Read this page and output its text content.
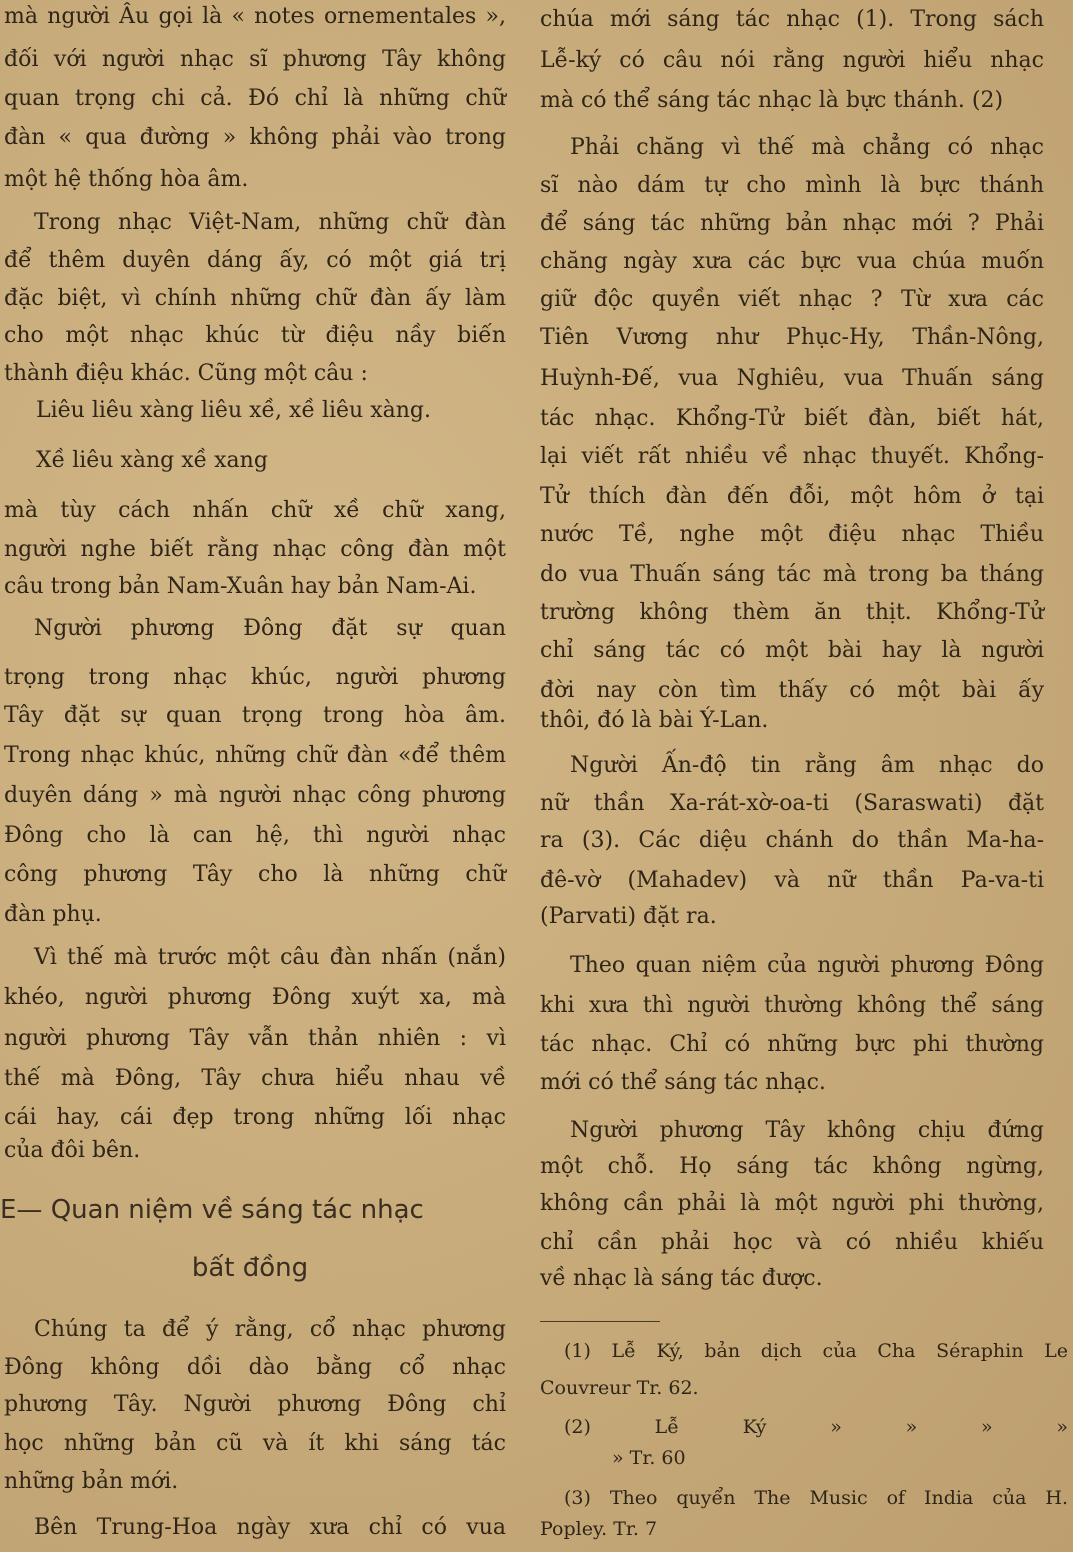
mà người Âu gọi là « notes ornementales »,
đối với người nhạc sĩ phương Tây không
quan trọng chi cả. Đó chỉ là những chữ
đàn « qua đường » không phải vào trong
một hệ thống hòa âm.
Trong nhạc Việt-Nam, những chữ đàn
để thêm duyên dáng ấy, có một giá trị
đặc biệt, vì chính những chữ đàn ấy làm
cho một nhạc khúc từ điệu nầy biến
thành điệu khác. Cũng một câu :
Liêu liêu xàng liêu xề, xề liêu xàng.
Xề liêu xàng xề xang
mà tùy cách nhấn chữ xề chữ xang,
người nghe biết rằng nhạc công đàn một
câu trong bản Nam-Xuân hay bản Nam-Ai.
Người phương Đông đặt sự quan
trọng trong nhạc khúc, người phương
Tây đặt sự quan trọng trong hòa âm.
Trong nhạc khúc, những chữ đàn «để thêm
duyên dáng » mà người nhạc công phương
Đông cho là can hệ, thì người nhạc
công phương Tây cho là những chữ
đàn phụ.
Vì thế mà trước một câu đàn nhấn (nắn)
khéo, người phương Đông xuýt xa, mà
người phương Tây vẫn thản nhiên : vì
thế mà Đông, Tây chưa hiểu nhau về
cái hay, cái đẹp trong những lối nhạc
của đôi bên.
Chúng ta để ý rằng, cổ nhạc phương
Đông không dồi dào bằng cổ nhạc
phương Tây. Người phương Đông chỉ
học những bản cũ và ít khi sáng tác
những bản mới.
Bên Trung-Hoa ngày xưa chỉ có vua
E— Quan niệm về sáng tác nhạc
bất đồng
chúa mới sáng tác nhạc (1). Trong sách
Lễ-ký có câu nói rằng người hiểu nhạc
mà có thể sáng tác nhạc là bực thánh. (2)
Phải chăng vì thế mà chẳng có nhạc
sĩ nào dám tự cho mình là bực thánh
để sáng tác những bản nhạc mới ? Phải
chăng ngày xưa các bực vua chúa muốn
giữ độc quyền viết nhạc ? Từ xưa các
Tiên Vương như Phục-Hy, Thần-Nông,
Huỳnh-Đế, vua Nghiêu, vua Thuấn sáng
tác nhạc. Khổng-Tử biết đàn, biết hát,
lại viết rất nhiều về nhạc thuyết. Khổng-
Tử thích đàn đến đỗi, một hôm ở tại
nước Tề, nghe một điệu nhạc Thiều
do vua Thuấn sáng tác mà trong ba tháng
trường không thèm ăn thịt. Khổng-Tử
chỉ sáng tác có một bài hay là người
đời nay còn tìm thấy có một bài ấy
thôi, đó là bài Ý-Lan.
Người Ấn-độ tin rằng âm nhạc do
nữ thần Xa-rát-xờ-oa-ti (Saraswati) đặt
ra (3). Các diệu chánh do thần Ma-ha-
đê-vờ (Mahadev) và nữ thần Pa-va-ti
(Parvati) đặt ra.
Theo quan niệm của người phương Đông
khi xưa thì người thường không thể sáng
tác nhạc. Chỉ có những bực phi thường
mới có thể sáng tác nhạc.
Người phương Tây không chịu đứng
một chỗ. Họ sáng tác không ngừng,
không cần phải là một người phi thường,
chỉ cần phải học và có nhiều khiếu
về nhạc là sáng tác được.
(1) Lễ Ký, bản dịch của Cha Séraphin Le
Couvreur Tr. 62.
(2) Lễ Ký » » » »
» Tr. 60
(3) Theo quyển The Music of India của H.
Popley. Tr. 7
